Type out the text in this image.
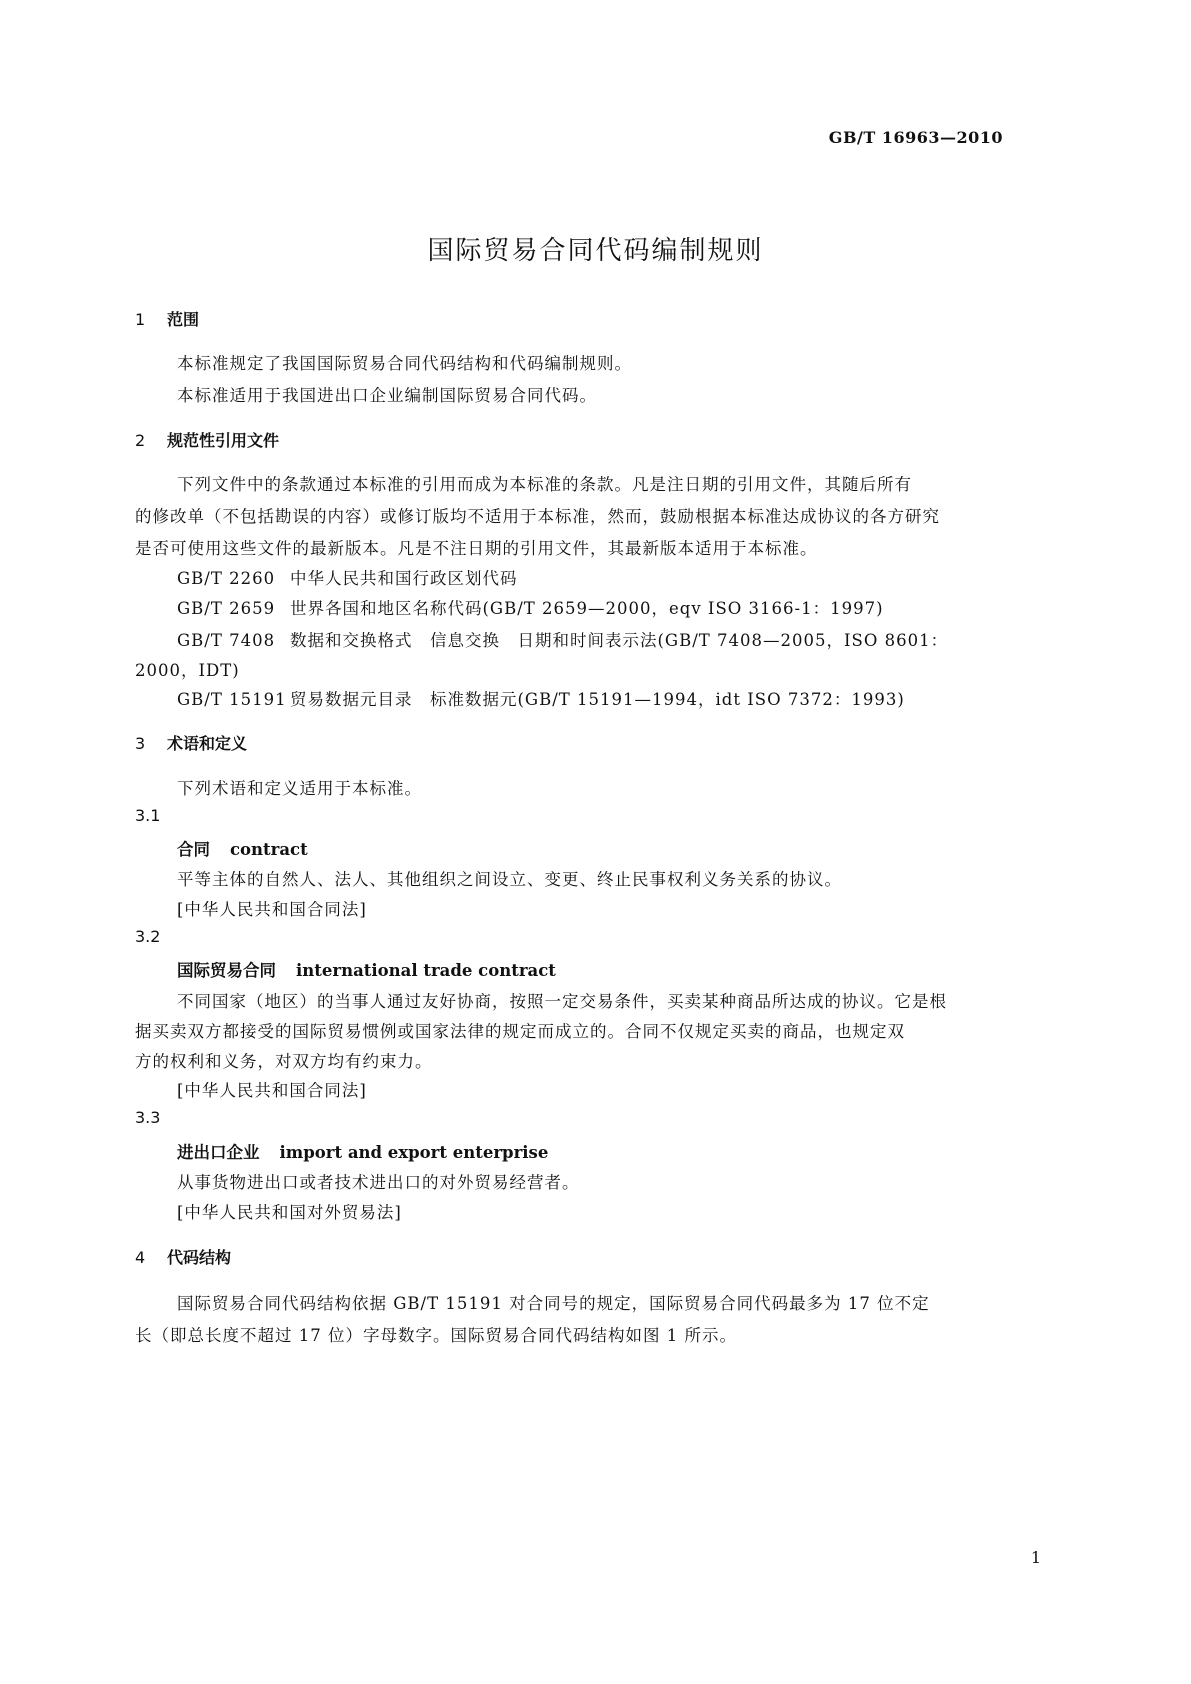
GB/T 16963—2010
国际贸易合同代码编制规则
1 范围
本标准规定了我国国际贸易合同代码结构和代码编制规则。
本标准适用于我国进出口企业编制国际贸易合同代码。
2 规范性引用文件
下列文件中的条款通过本标准的引用而成为本标准的条款。凡是注日期的引用文件，其随后所有
的修改单（不包括勘误的内容）或修订版均不适用于本标准，然而，鼓励根据本标准达成协议的各方研究
是否可使用这些文件的最新版本。凡是不注日期的引用文件，其最新版本适用于本标准。
GB/T 2260 中华人民共和国行政区划代码
GB/T 2659 世界各国和地区名称代码(GB/T 2659—2000，eqv ISO 3166-1：1997)
GB/T 7408 数据和交换格式　信息交换　日期和时间表示法(GB/T 7408—2005，ISO 8601：
2000，IDT)
GB/T 15191 贸易数据元目录　标准数据元(GB/T 15191—1994，idt ISO 7372：1993)
3 术语和定义
下列术语和定义适用于本标准。
3.1
合同 contract
平等主体的自然人、法人、其他组织之间设立、变更、终止民事权利义务关系的协议。
[中华人民共和国合同法]
3.2
国际贸易合同 international trade contract
不同国家（地区）的当事人通过友好协商，按照一定交易条件，买卖某种商品所达成的协议。它是根
据买卖双方都接受的国际贸易惯例或国家法律的规定而成立的。合同不仅规定买卖的商品，也规定双
方的权利和义务，对双方均有约束力。
[中华人民共和国合同法]
3.3
进出口企业 import and export enterprise
从事货物进出口或者技术进出口的对外贸易经营者。
[中华人民共和国对外贸易法]
4 代码结构
国际贸易合同代码结构依据 GB/T 15191 对合同号的规定，国际贸易合同代码最多为 17 位不定
长（即总长度不超过 17 位）字母数字。国际贸易合同代码结构如图 1 所示。
1
